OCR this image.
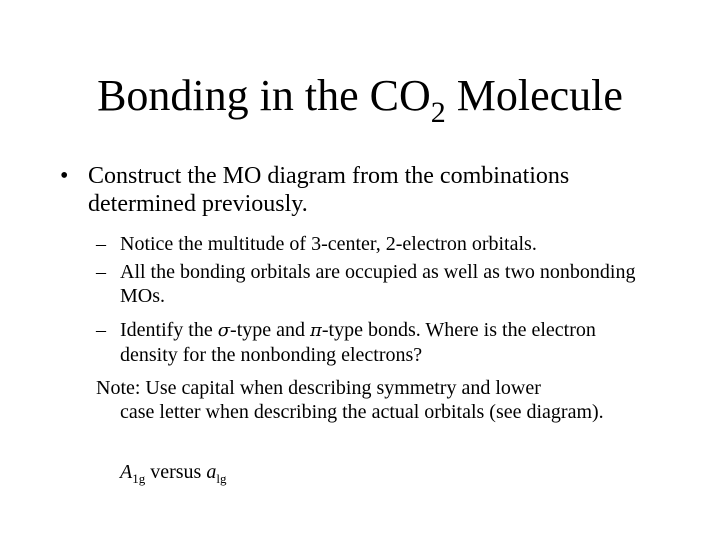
Bonding in the $CO_2$ Molecule
• Construct the MO diagram from the combinations determined previously.
– Notice the multitude of 3-center, 2-electron orbitals.
– All the bonding orbitals are occupied as well as two nonbonding MOs.
– Identify the σ-type and π-type bonds. Where is the electron density for the nonbonding electrons?
Note: Use capital when describing symmetry and lower
case letter when describing the actual orbitals (see diagram).
$A_{1g}$ versus $a_{lg}$
